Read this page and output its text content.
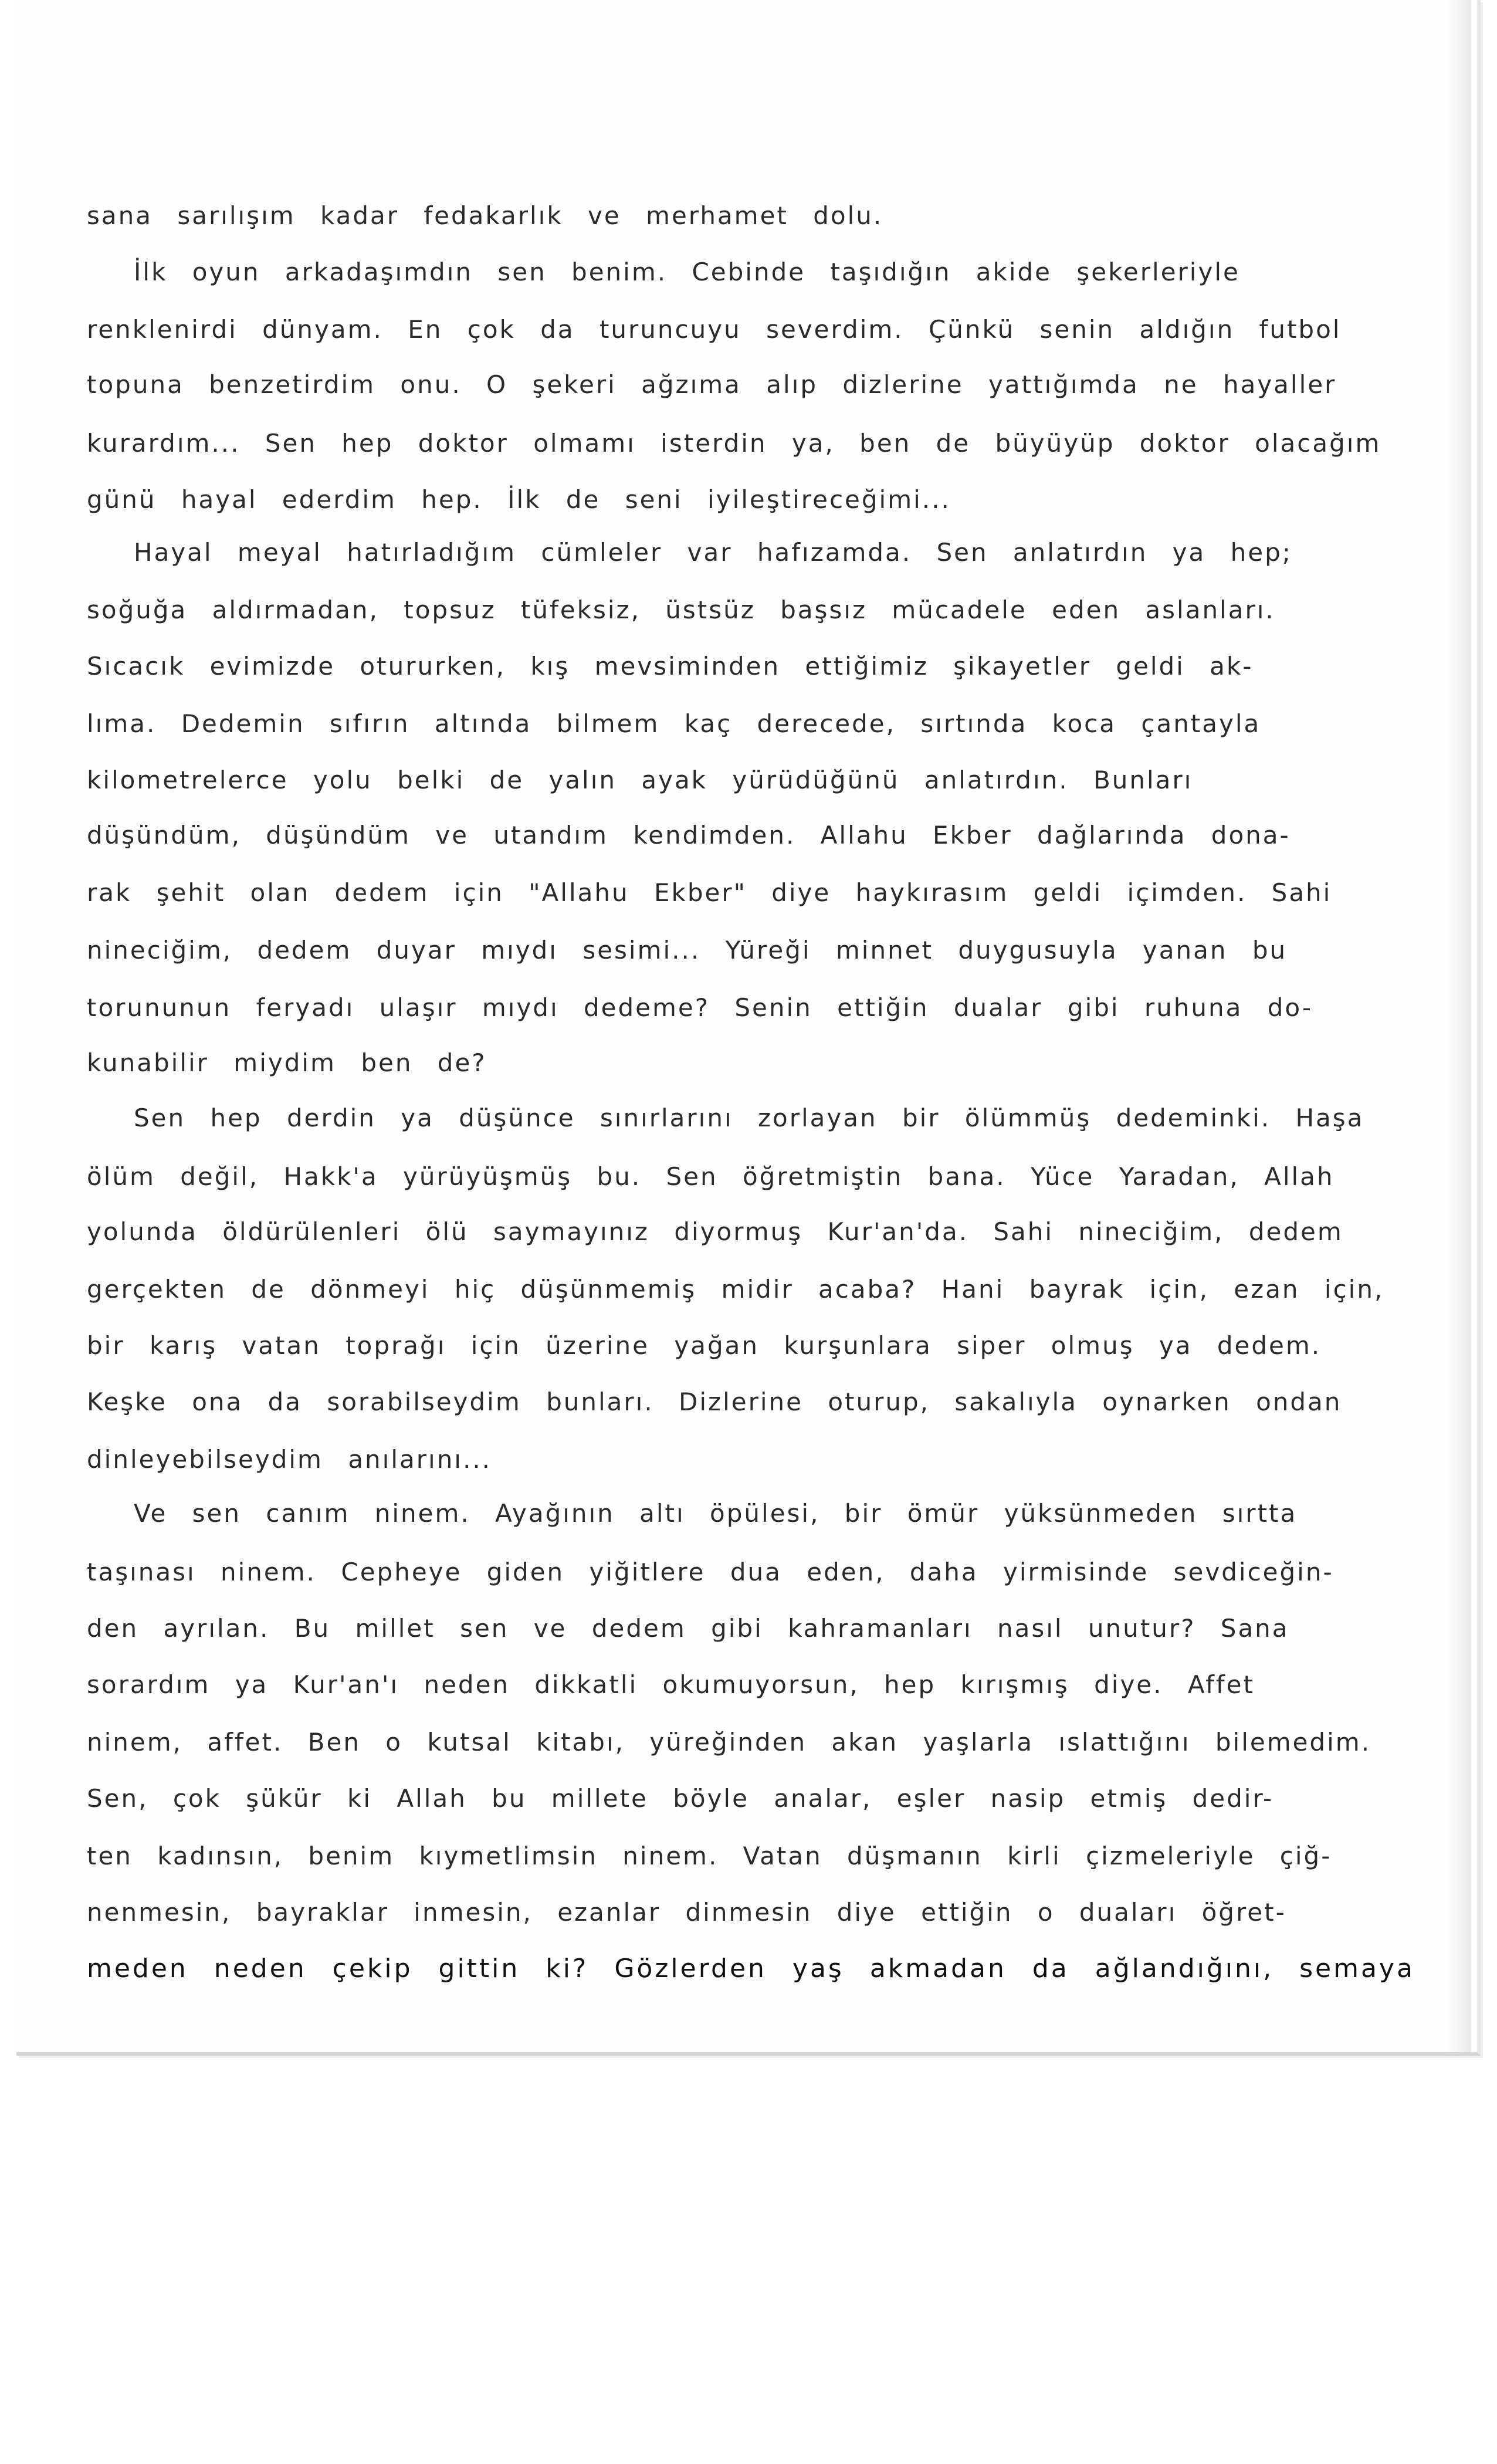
sana sarılışım kadar fedakarlık ve merhamet dolu.

İlk oyun arkadaşımdın sen benim. Cebinde taşıdığın akide şekerleriyle

renklenirdi dünyam. En çok da turuncuyu severdim. Çünkü senin aldığın futbol

topuna benzetirdim onu. O şekeri ağzıma alıp dizlerine yattığımda ne hayaller

kurardım... Sen hep doktor olmamı isterdin ya, ben de büyüyüp doktor olacağım

günü hayal ederdim hep. İlk de seni iyileştireceğimi...

Hayal meyal hatırladığım cümleler var hafızamda. Sen anlatırdın ya hep;

soğuğa aldırmadan, topsuz tüfeksiz, üstsüz başsız mücadele eden aslanları.

Sıcacık evimizde otururken, kış mevsiminden ettiğimiz şikayetler geldi ak-

lıma. Dedemin sıfırın altında bilmem kaç derecede, sırtında koca çantayla

kilometrelerce yolu belki de yalın ayak yürüdüğünü anlatırdın. Bunları

düşündüm, düşündüm ve utandım kendimden. Allahu Ekber dağlarında dona-

rak şehit olan dedem için "Allahu Ekber" diye haykırasım geldi içimden. Sahi

nineciğim, dedem duyar mıydı sesimi... Yüreği minnet duygusuyla yanan bu

torununun feryadı ulaşır mıydı dedeme? Senin ettiğin dualar gibi ruhuna do-

kunabilir miydim ben de?

Sen hep derdin ya düşünce sınırlarını zorlayan bir ölümmüş dedeminki. Haşa

ölüm değil, Hakk'a yürüyüşmüş bu. Sen öğretmiştin bana. Yüce Yaradan, Allah

yolunda öldürülenleri ölü saymayınız diyormuş Kur'an'da. Sahi nineciğim, dedem

gerçekten de dönmeyi hiç düşünmemiş midir acaba? Hani bayrak için, ezan için,

bir karış vatan toprağı için üzerine yağan kurşunlara siper olmuş ya dedem.

Keşke ona da sorabilseydim bunları. Dizlerine oturup, sakalıyla oynarken ondan

dinleyebilseydim anılarını...

Ve sen canım ninem. Ayağının altı öpülesi, bir ömür yüksünmeden sırtta

taşınası ninem. Cepheye giden yiğitlere dua eden, daha yirmisinde sevdiceğin-

den ayrılan. Bu millet sen ve dedem gibi kahramanları nasıl unutur? Sana

sorardım ya Kur'an'ı neden dikkatli okumuyorsun, hep kırışmış diye. Affet

ninem, affet. Ben o kutsal kitabı, yüreğinden akan yaşlarla ıslattığını bilemedim.

Sen, çok şükür ki Allah bu millete böyle analar, eşler nasip etmiş dedir-

ten kadınsın, benim kıymetlimsin ninem. Vatan düşmanın kirli çizmeleriyle çiğ-

nenmesin, bayraklar inmesin, ezanlar dinmesin diye ettiğin o duaları öğret-

meden neden çekip gittin ki? Gözlerden yaş akmadan da ağlandığını, semaya
